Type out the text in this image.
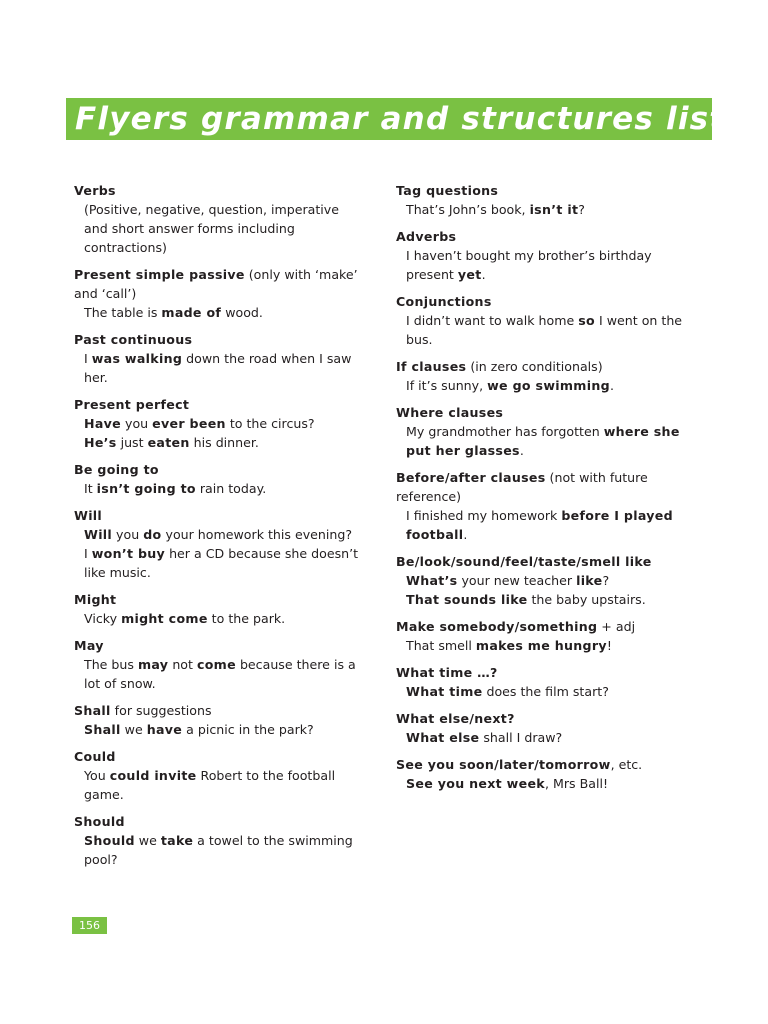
Flyers grammar and structures list
Verbs
(Positive, negative, question, imperative and short answer forms including contractions)
Present simple passive (only with ‘make’ and ‘call’)
The table is made of wood.
Past continuous
I was walking down the road when I saw her.
Present perfect
Have you ever been to the circus?
He’s just eaten his dinner.
Be going to
It isn’t going to rain today.
Will
Will you do your homework this evening?
I won’t buy her a CD because she doesn’t like music.
Might
Vicky might come to the park.
May
The bus may not come because there is a lot of snow.
Shall for suggestions
Shall we have a picnic in the park?
Could
You could invite Robert to the football game.
Should
Should we take a towel to the swimming pool?
Tag questions
That’s John’s book, isn’t it?
Adverbs
I haven’t bought my brother’s birthday present yet.
Conjunctions
I didn’t want to walk home so I went on the bus.
If clauses (in zero conditionals)
If it’s sunny, we go swimming.
Where clauses
My grandmother has forgotten where she put her glasses.
Before/after clauses (not with future reference)
I finished my homework before I played football.
Be/look/sound/feel/taste/smell like
What’s your new teacher like?
That sounds like the baby upstairs.
Make somebody/something + adj
That smell makes me hungry!
What time …?
What time does the film start?
What else/next?
What else shall I draw?
See you soon/later/tomorrow, etc.
See you next week, Mrs Ball!
156
